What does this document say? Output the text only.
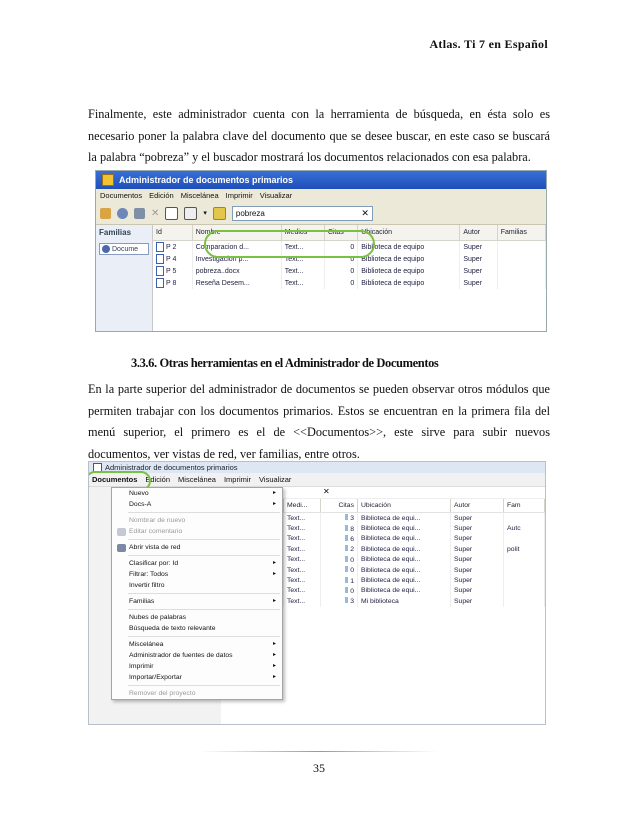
Atlas. Ti 7 en Español
Finalmente, este administrador cuenta con la herramienta de búsqueda, en ésta solo es necesario poner la palabra clave del documento que se desee buscar, en este caso se buscará la palabra “pobreza” y el buscador mostrará los documentos relacionados con esa palabra.
Administrador de documentos primarios
Documentos Edición Miscelánea Imprimir Visualizar
✕	▾	pobreza	✕
Familias
Docume
Id	Nombre	Medios	Citas	Ubicación	Autor	Familias
P 2	Comparacion d...	Text...	0	Biblioteca de equipo	Super	
P 4	Investigacion p...	Text...	0	Biblioteca de equipo	Super	
P 5	pobreza..docx	Text...	0	Biblioteca de equipo	Super	
P 8	Reseña Desem...	Text...	0	Biblioteca de equipo	Super	
3.3.6. Otras herramientas en el Administrador de Documentos
En la parte superior del administrador de documentos se pueden observar otros módulos que permiten trabajar con los documentos primarios. Estos se encuentran en la primera fila del menú superior, el primero es el de <<Documentos>>, este sirve para subir nuevos documentos, ver vistas de red, ver familias, entre otros.
Administrador de documentos primarios
Documentos Edición Miscelánea Imprimir Visualizar
✕
	Medi...	Citas	Ubicación	Autor	Fam
	Text...	3	Biblioteca de equi...	Super	
	Text...	8	Biblioteca de equi...	Super	Autc
	Text...	6	Biblioteca de equi...	Super	
	Text...	2	Biblioteca de equi...	Super	polit
	Text...	0	Biblioteca de equi...	Super	
	Text...	0	Biblioteca de equi...	Super	
	Text...	1	Biblioteca de equi...	Super	
	Text...	0	Biblioteca de equi...	Super	
	Text...	3	Mi biblioteca	Super	
Nuevo	▸
Docs-A	▸
Nombrar de nuevo
Editar comentario
Abrir vista de red
Clasificar por: Id	▸
Filtrar: Todos	▸
Invertir filtro
Familias	▸
Nubes de palabras
Búsqueda de texto relevante
Miscelánea	▸
Administrador de fuentes de datos	▸
Imprimir	▸
Importar/Exportar	▸
Remover del proyecto
35
